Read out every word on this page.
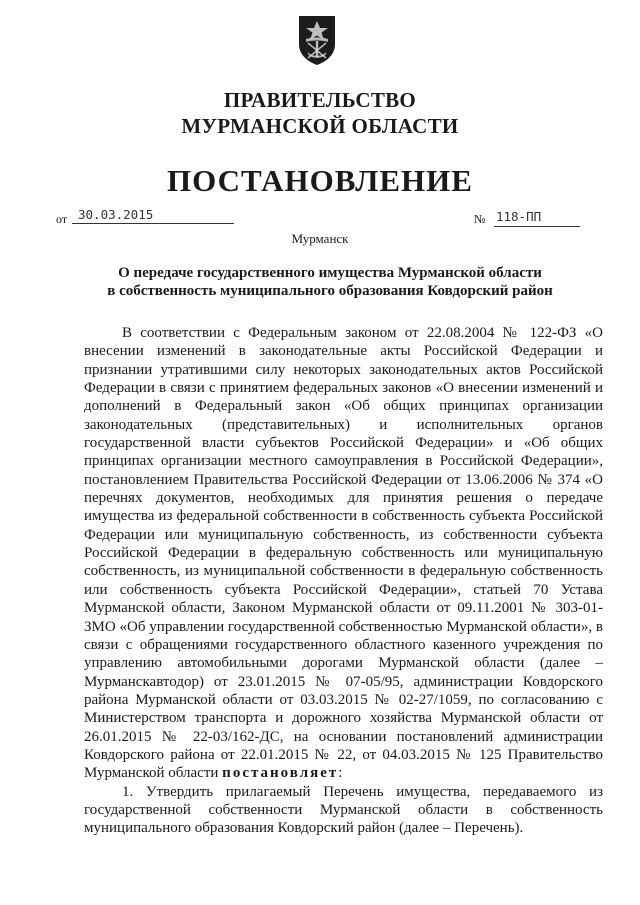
ПРАВИТЕЛЬСТВО
МУРМАНСКОЙ ОБЛАСТИ
ПОСТАНОВЛЕНИЕ
от 30.03.2015	№ 118-ПП
Мурманск
О передаче государственного имущества Мурманской области
в собственность муниципального образования Ковдорский район

В соответствии с Федеральным законом от 22.08.2004 № 122-ФЗ «О внесении изменений в законодательные акты Российской Федерации и признании утратившими силу некоторых законодательных актов Российской Федерации в связи с принятием федеральных законов «О внесении изменений и дополнений в Федеральный закон «Об общих принципах организации законодательных (представительных) и исполнительных органов государственной власти субъектов Российской Федерации» и «Об общих принципах организации местного самоуправления в Российской Федерации», постановлением Правительства Российской Федерации от 13.06.2006 № 374 «О перечнях документов, необходимых для принятия решения о передаче имущества из федеральной собственности в собственность субъекта Российской Федерации или муниципальную собственность, из собственности субъекта Российской Федерации в федеральную собственность или муниципальную собственность, из муниципальной собственности в федеральную собственность или собственность субъекта Российской Федерации», статьей 70 Устава Мурманской области, Законом Мурманской области от 09.11.2001 № 303-01-ЗМО «Об управлении государственной собственностью Мурманской области», в связи с обращениями государственного областного казенного учреждения по управлению автомобильными дорогами Мурманской области (далее – Мурманскавтодор) от 23.01.2015 № 07-05/95, администрации Ковдорского района Мурманской области от 03.03.2015 № 02-27/1059, по согласованию с Министерством транспорта и дорожного хозяйства Мурманской области от 26.01.2015 № 22-03/162-ДС, на основании постановлений администрации Ковдорского района от 22.01.2015 № 22, от 04.03.2015 № 125 Правительство Мурманской области постановляет:

1. Утвердить прилагаемый Перечень имущества, передаваемого из государственной собственности Мурманской области в собственность муниципального образования Ковдорский район (далее – Перечень).
